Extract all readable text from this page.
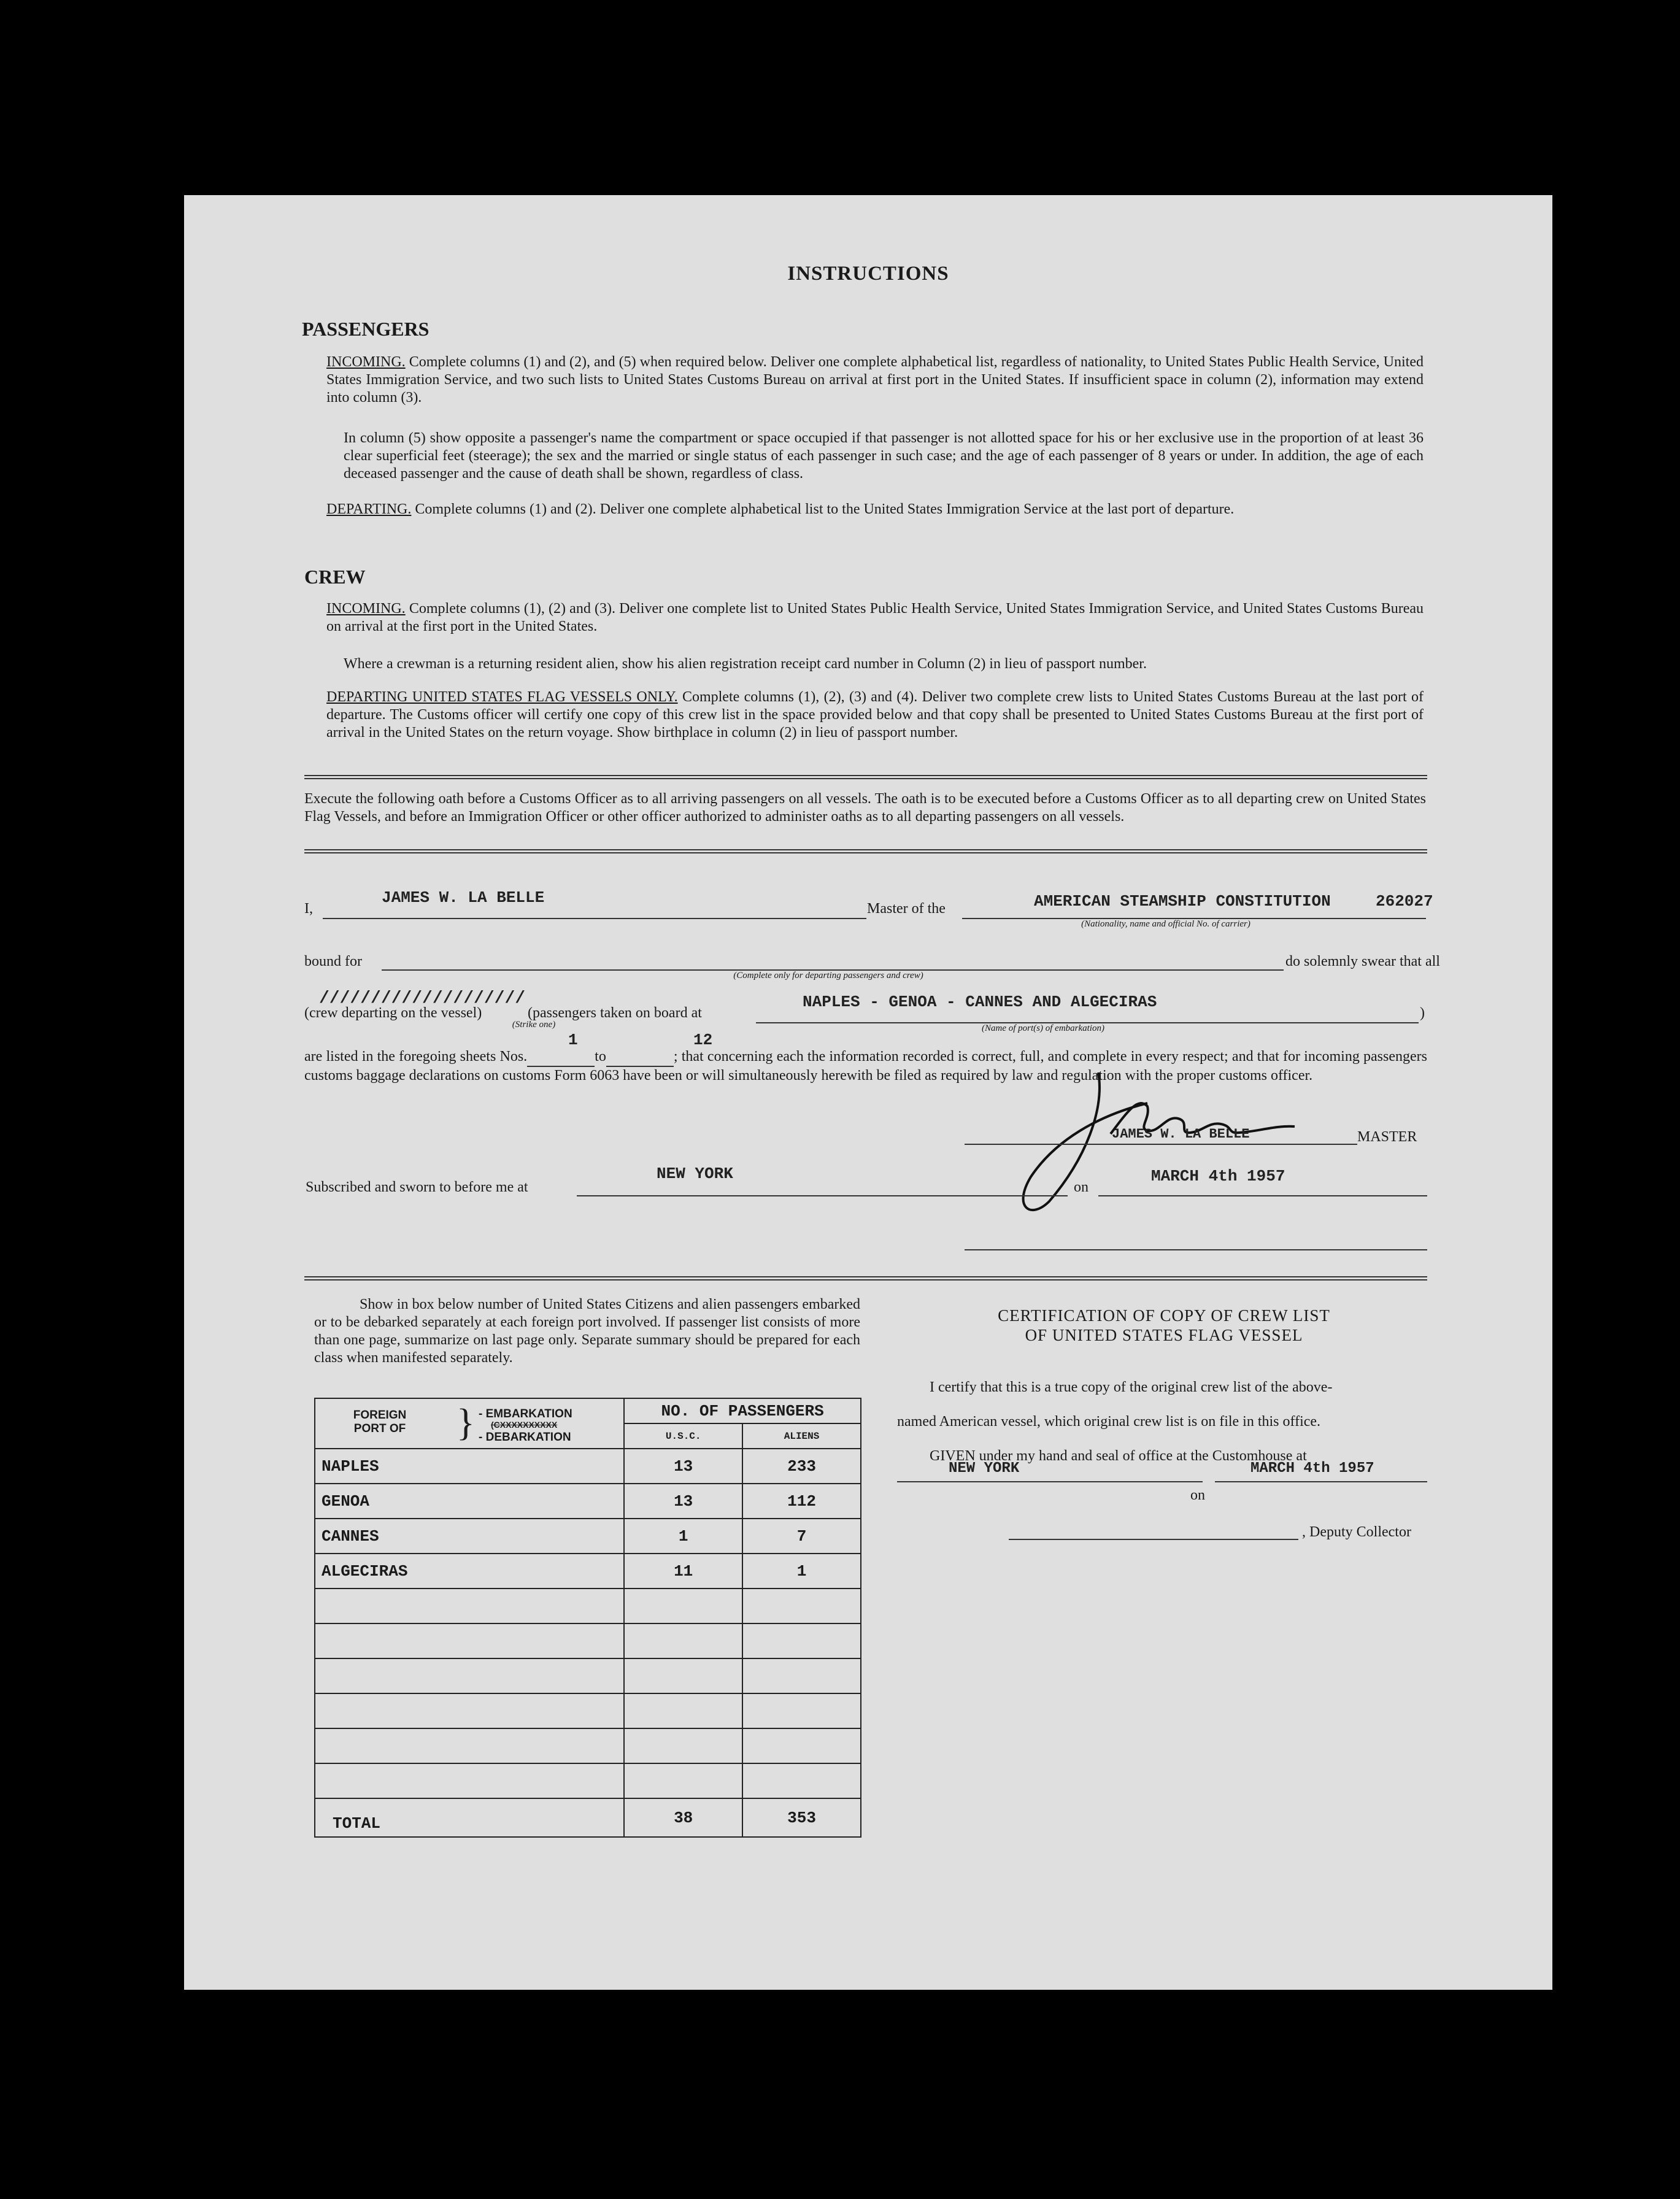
INSTRUCTIONS
PASSENGERS
INCOMING. Complete columns (1) and (2), and (5) when required below. Deliver one complete alphabetical list, regardless of nationality, to United States Public Health Service, United States Immigration Service, and two such lists to United States Customs Bureau on arrival at first port in the United States. If insufficient space in column (2), information may extend into column (3).
In column (5) show opposite a passenger's name the compartment or space occupied if that passenger is not allotted space for his or her exclusive use in the proportion of at least 36 clear superficial feet (steerage); the sex and the married or single status of each passenger in such case; and the age of each passenger of 8 years or under. In addition, the age of each deceased passenger and the cause of death shall be shown, regardless of class.
DEPARTING. Complete columns (1) and (2). Deliver one complete alphabetical list to the United States Immigration Service at the last port of departure.
CREW
INCOMING. Complete columns (1), (2) and (3). Deliver one complete list to United States Public Health Service, United States Immigration Service, and United States Customs Bureau on arrival at the first port in the United States.
Where a crewman is a returning resident alien, show his alien registration receipt card number in Column (2) in lieu of passport number.
DEPARTING UNITED STATES FLAG VESSELS ONLY. Complete columns (1), (2), (3) and (4). Deliver two complete crew lists to United States Customs Bureau at the last port of departure. The Customs officer will certify one copy of this crew list in the space provided below and that copy shall be presented to United States Customs Bureau at the first port of arrival in the United States on the return voyage. Show birthplace in column (2) in lieu of passport number.
Execute the following oath before a Customs Officer as to all arriving passengers on all vessels. The oath is to be executed before a Customs Officer as to all departing crew on United States Flag Vessels, and before an Immigration Officer or other officer authorized to administer oaths as to all departing passengers on all vessels.
I,
JAMES W. LA BELLE
Master of the	AMERICAN STEAMSHIP CONSTITUTION	262027
(Nationality, name and official No. of carrier)
bound for
(Complete only for departing passengers and crew)
do solemnly swear that all
////////////////////
(crew departing on the vessel)	(passengers taken on board at
(Strike one)
NAPLES - GENOA - CANNES AND ALGECIRAS
(Name of port(s) of embarkation)
)
1	12
are listed in the foregoing sheets Nos.	to	; that concerning each the information recorded is correct, full, and complete in every respect; and that for incoming passengers customs baggage declarations on customs Form 6063 have been or will simultaneously herewith be filed as required by law and regulation with the proper customs officer.
JAMES W. LA BELLE	MASTER
Subscribed and sworn to before me at
NEW YORK
on
MARCH 4th 1957
Show in box below number of United States Citizens and alien passengers embarked or to be debarked separately at each foreign port involved. If passenger list consists of more than one page, summarize on last page only. Separate summary should be prepared for each class when manifested separately.
FOREIGN PORT OF } - EMBARKATION
(CXXXXXXXXXX
- DEBARKATION	NO. OF PASSENGERS	
	U.S.C.	ALIENS
NAPLES	13	233
GENOA	13	112
CANNES	1	7
ALGECIRAS	11	1

TOTAL	38	353
CERTIFICATION OF COPY OF CREW LIST
OF UNITED STATES FLAG VESSEL
I certify that this is a true copy of the original crew list of the above-
named American vessel, which original crew list is on file in this office.
GIVEN under my hand and seal of office at the Customhouse at
NEW YORK
on
MARCH 4th 1957
, Deputy Collector
